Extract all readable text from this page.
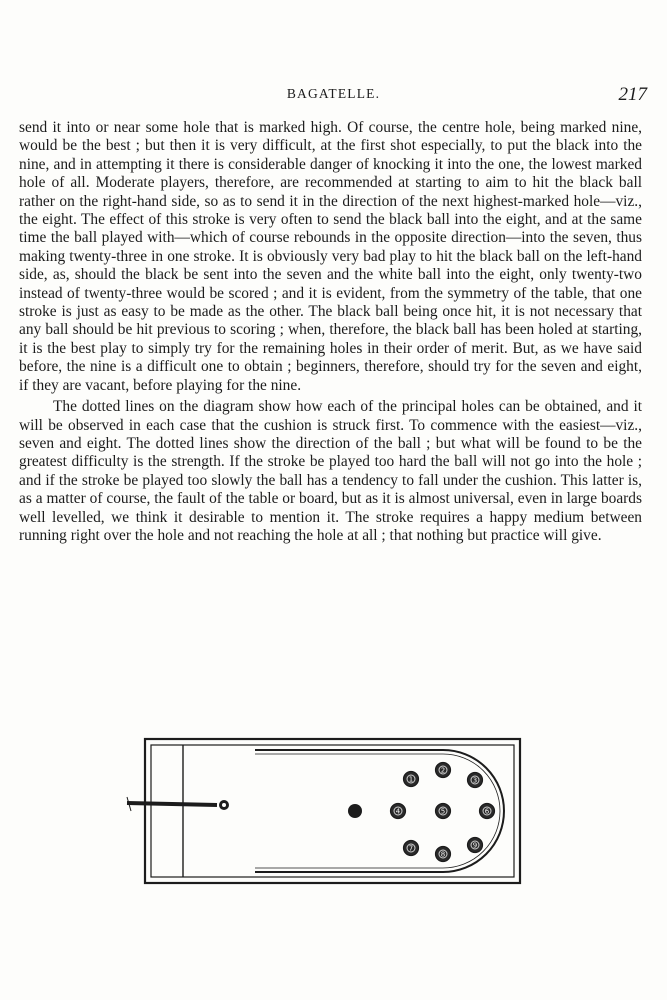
BAGATELLE.	217

send it into or near some hole that is marked high. Of course, the centre hole, being marked nine, would be the best ; but then it is very difficult, at the first shot especially, to put the black into the nine, and in attempting it there is considerable danger of knocking it into the one, the lowest marked hole of all. Moderate players, therefore, are recommended at starting to aim to hit the black ball rather on the right-hand side, so as to send it in the direction of the next highest-marked hole—viz., the eight. The effect of this stroke is very often to send the black ball into the eight, and at the same time the ball played with—which of course rebounds in the opposite direction—into the seven, thus making twenty-three in one stroke. It is obviously very bad play to hit the black ball on the left-hand side, as, should the black be sent into the seven and the white ball into the eight, only twenty-two instead of twenty-three would be scored ; and it is evident, from the symmetry of the table, that one stroke is just as easy to be made as the other. The black ball being once hit, it is not necessary that any ball should be hit previous to scoring ; when, therefore, the black ball has been holed at starting, it is the best play to simply try for the remaining holes in their order of merit. But, as we have said before, the nine is a difficult one to obtain ; beginners, therefore, should try for the seven and eight, if they are vacant, before playing for the nine.

The dotted lines on the diagram show how each of the principal holes can be obtained, and it will be observed in each case that the cushion is struck first. To commence with the easiest—viz., seven and eight. The dotted lines show the direction of the ball ; but what will be found to be the greatest difficulty is the strength. If the stroke be played too hard the ball will not go into the hole ; and if the stroke be played too slowly the ball has a tendency to fall under the cushion. This latter is, as a matter of course, the fault of the table or board, but as it is almost universal, even in large boards well levelled, we think it desirable to mention it. The stroke requires a happy medium between running right over the hole and not reaching the hole at all ; that nothing but practice will give.

1
2
3
4	5	6
7
8
9
